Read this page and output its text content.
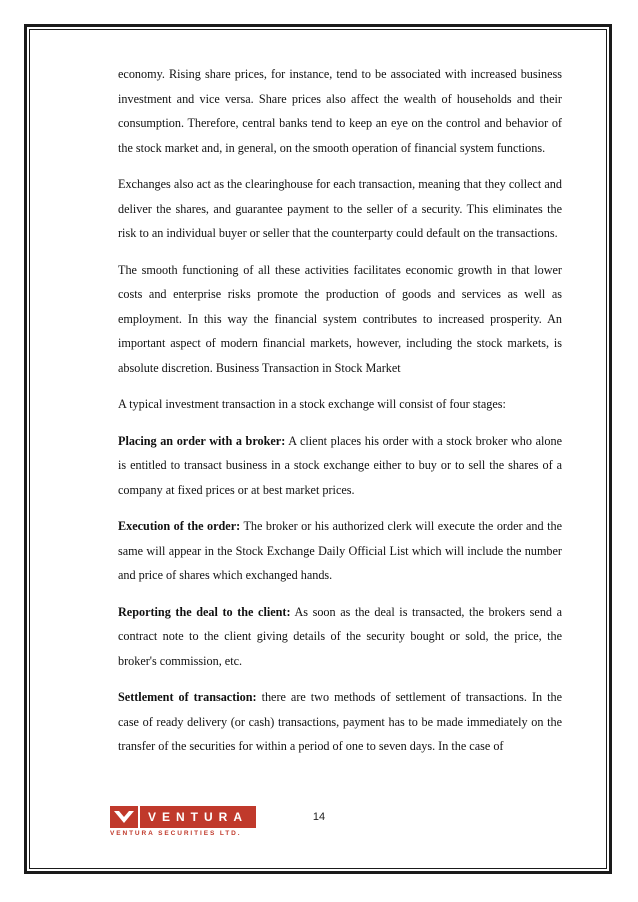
economy. Rising share prices, for instance, tend to be associated with increased business investment and vice versa. Share prices also affect the wealth of households and their consumption. Therefore, central banks tend to keep an eye on the control and behavior of the stock market and, in general, on the smooth operation of financial system functions.

Exchanges also act as the clearinghouse for each transaction, meaning that they collect and deliver the shares, and guarantee payment to the seller of a security. This eliminates the risk to an individual buyer or seller that the counterparty could default on the transactions.

The smooth functioning of all these activities facilitates economic growth in that lower costs and enterprise risks promote the production of goods and services as well as employment. In this way the financial system contributes to increased prosperity. An important aspect of modern financial markets, however, including the stock markets, is absolute discretion. Business Transaction in Stock Market

A typical investment transaction in a stock exchange will consist of four stages:

Placing an order with a broker: A client places his order with a stock broker who alone is entitled to transact business in a stock exchange either to buy or to sell the shares of a company at fixed prices or at best market prices.

Execution of the order: The broker or his authorized clerk will execute the order and the same will appear in the Stock Exchange Daily Official List which will include the number and price of shares which exchanged hands.

Reporting the deal to the client: As soon as the deal is transacted, the brokers send a contract note to the client giving details of the security bought or sold, the price, the broker's commission, etc.

Settlement of transaction: there are two methods of settlement of transactions. In the case of ready delivery (or cash) transactions, payment has to be made immediately on the transfer of the securities for within a period of one to seven days. In the case of

VENTURA
VENTURA SECURITIES LTD.
14
